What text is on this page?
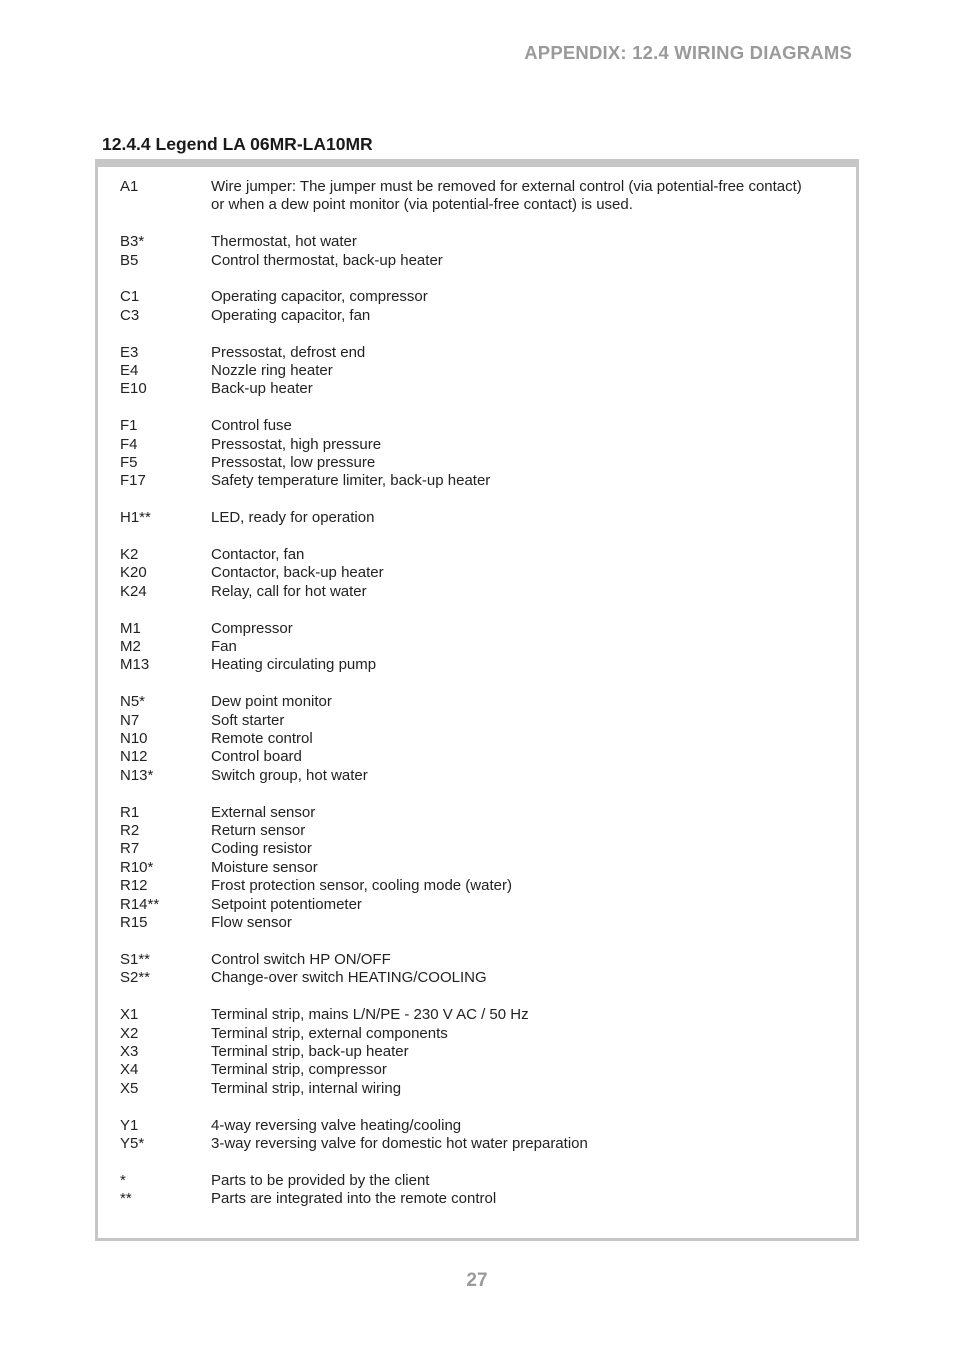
APPENDIX: 12.4 WIRING DIAGRAMS
12.4.4 Legend LA 06MR-LA10MR
A1	Wire jumper: The jumper must be removed for external control (via potential-free contact)
or when a dew point monitor (via potential-free contact) is used.
B3*	Thermostat, hot water
B5	Control thermostat, back-up heater
C1	Operating capacitor, compressor
C3	Operating capacitor, fan
E3	Pressostat, defrost end
E4	Nozzle ring heater
E10	Back-up heater
F1	Control fuse
F4	Pressostat, high pressure
F5	Pressostat, low pressure
F17	Safety temperature limiter, back-up heater
H1**	LED, ready for operation
K2	Contactor, fan
K20	Contactor, back-up heater
K24	Relay, call for hot water
M1	Compressor
M2	Fan
M13	Heating circulating pump
N5*	Dew point monitor
N7	Soft starter
N10	Remote control
N12	Control board
N13*	Switch group, hot water
R1	External sensor
R2	Return sensor
R7	Coding resistor
R10*	Moisture sensor
R12	Frost protection sensor, cooling mode (water)
R14**	Setpoint potentiometer
R15	Flow sensor
S1**	Control switch HP ON/OFF
S2**	Change-over switch HEATING/COOLING
X1	Terminal strip, mains L/N/PE - 230 V AC / 50 Hz
X2	Terminal strip, external components
X3	Terminal strip, back-up heater
X4	Terminal strip, compressor
X5	Terminal strip, internal wiring
Y1	4-way reversing valve heating/cooling
Y5*	3-way reversing valve for domestic hot water preparation
*	Parts to be provided by the client
**	Parts are integrated into the remote control
27
